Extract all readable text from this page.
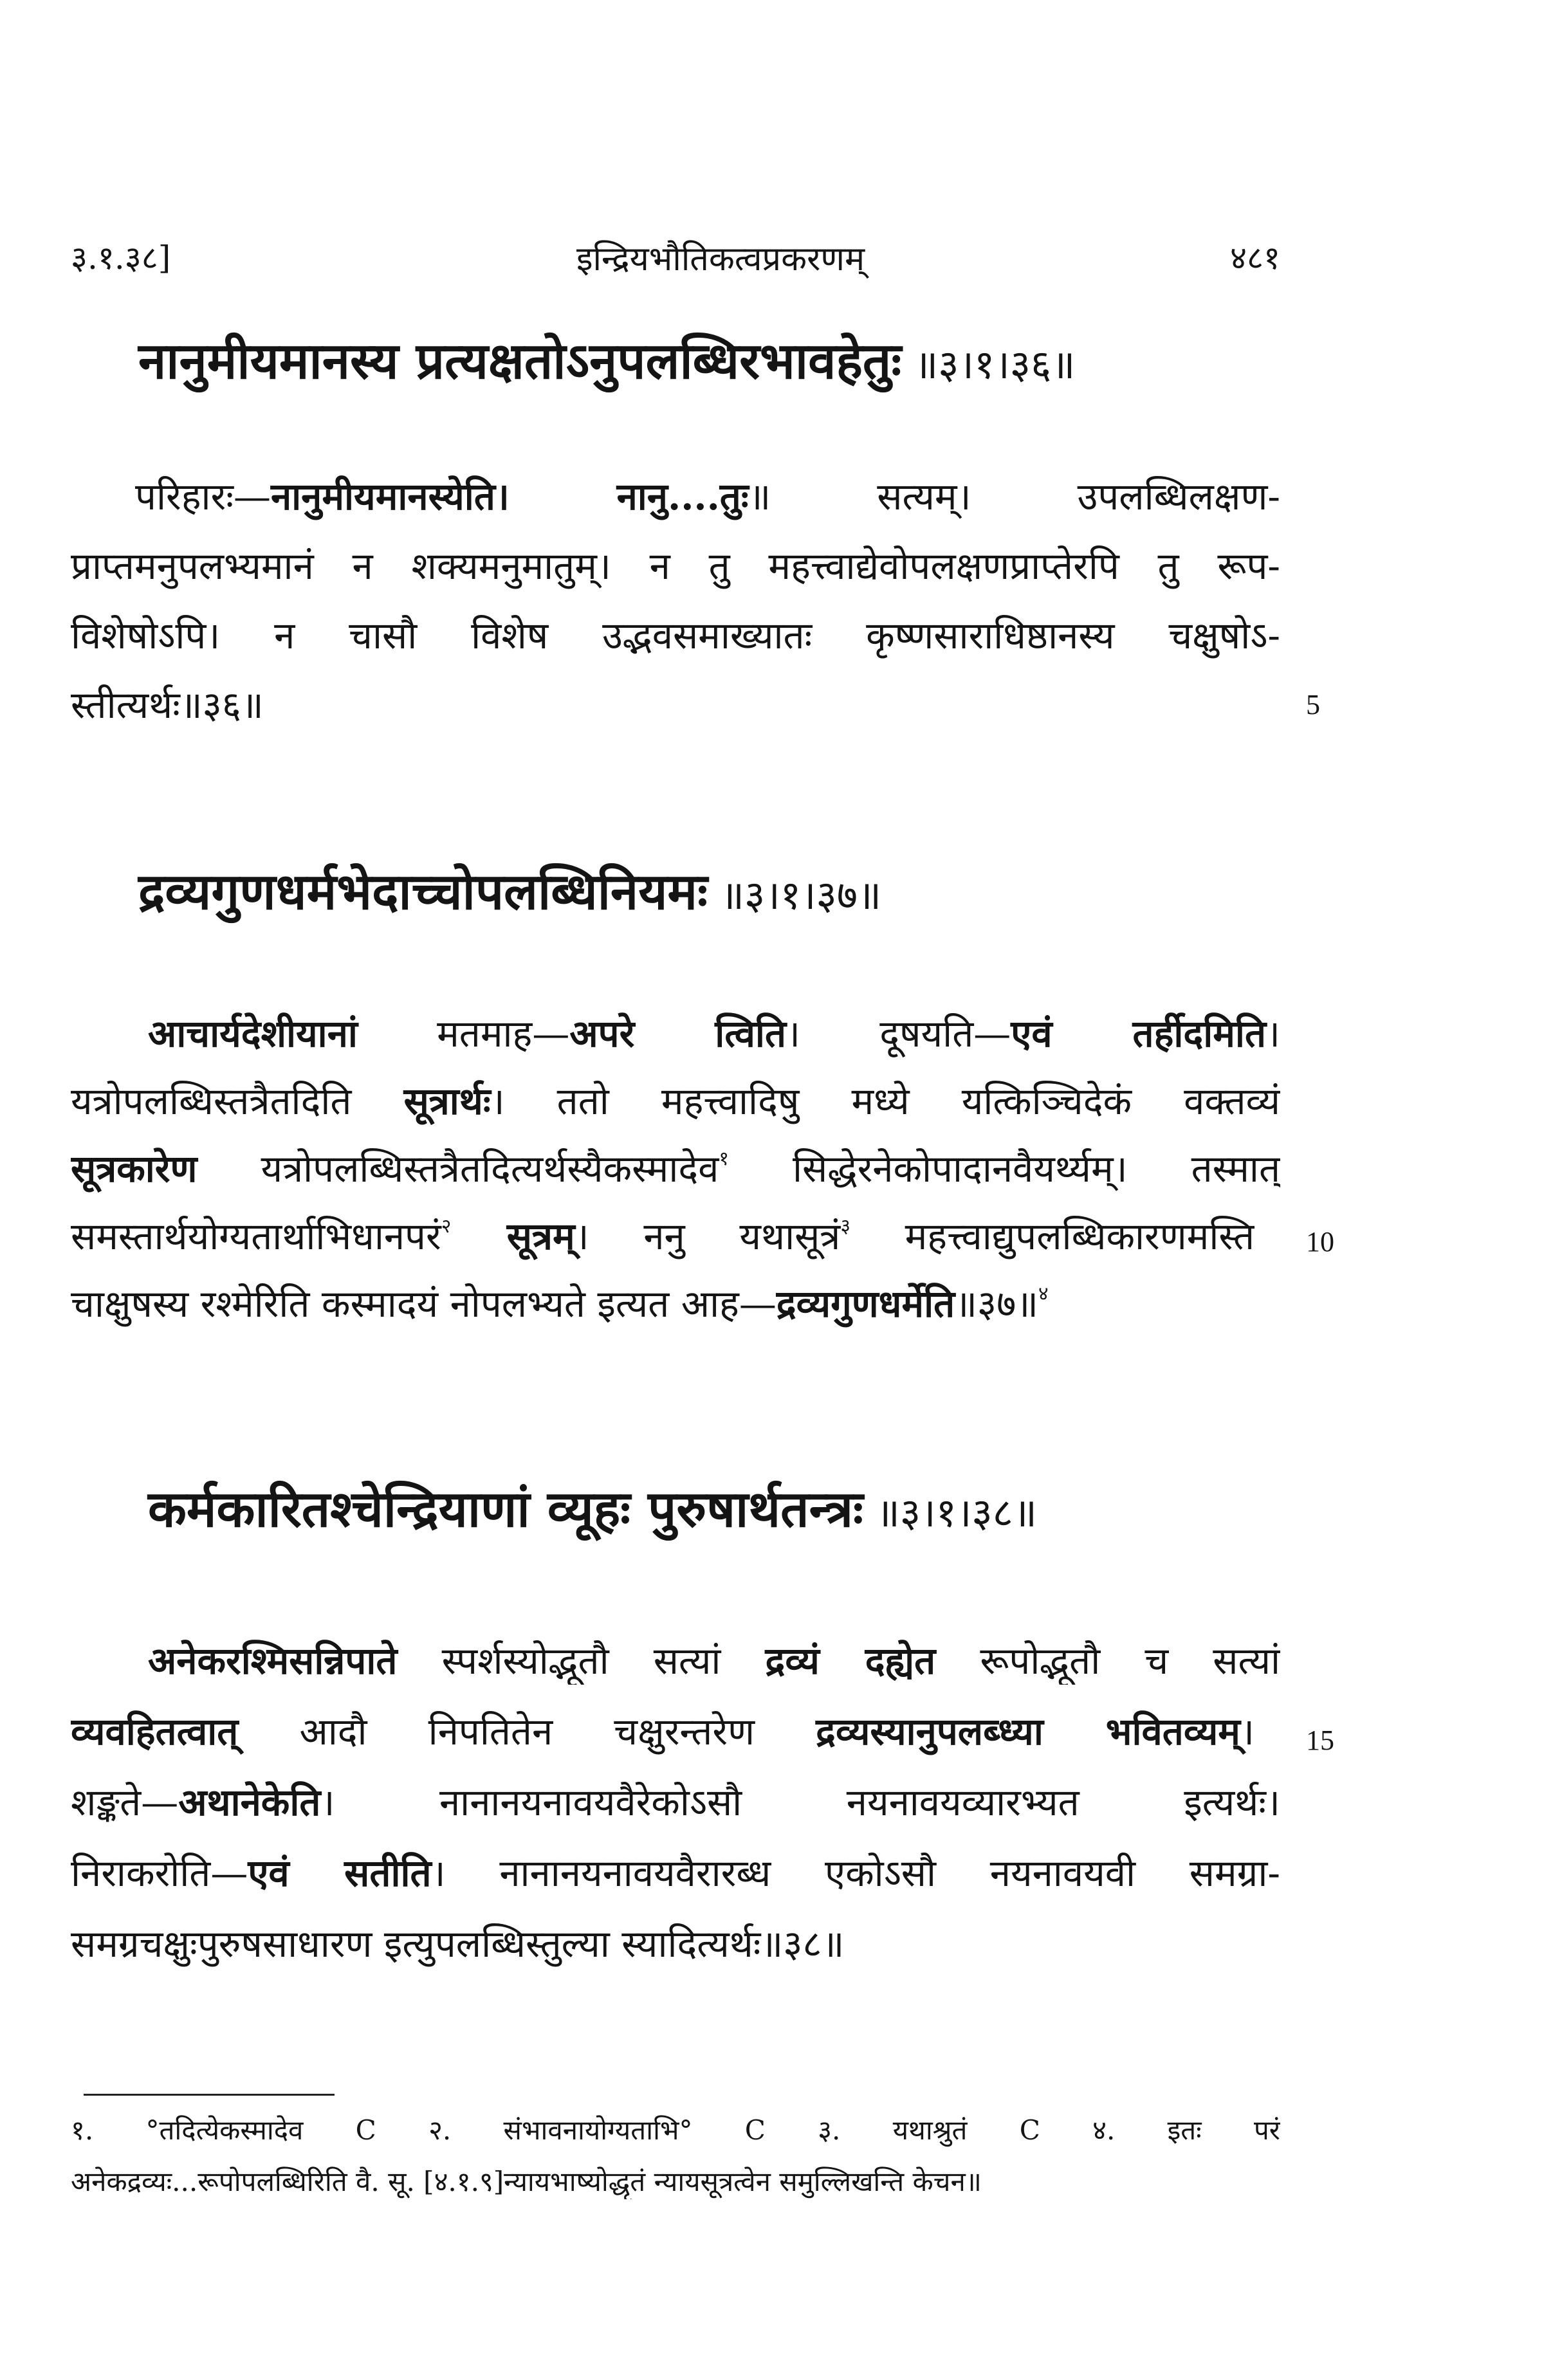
३.१.३८]	इन्द्रियभौतिकत्वप्रकरणम्	४८१
नानुमीयमानस्य प्रत्यक्षतोऽनुपलब्धिरभावहेतुः ॥३।१।३६॥
परिहारः—नानुमीयमानस्येति। नानु....तुः॥ सत्यम्। उपलब्धिलक्षण-
प्राप्तमनुपलभ्यमानं न शक्यमनुमातुम्। न तु महत्त्वाद्येवोपलक्षणप्राप्तेरपि तु रूप-
विशेषोऽपि। न चासौ विशेष उद्भवसमाख्यातः कृष्णसाराधिष्ठानस्य चक्षुषोऽ-
स्तीत्यर्थः॥३६॥	5
द्रव्यगुणधर्मभेदाच्चोपलब्धिनियमः ॥३।१।३७॥
आचार्यदेशीयानां मतमाह—अपरे त्विति। दूषयति—एवं तर्हीदमिति।
यत्रोपलब्धिस्तत्रैतदिति सूत्रार्थः। ततो महत्त्वादिषु मध्ये यत्किञ्चिदेकं वक्तव्यं
सूत्रकारेण यत्रोपलब्धिस्तत्रैतदित्यर्थस्यैकस्मादेव$^१$ सिद्धेरनेकोपादानवैयर्थ्यम्। तस्मात्
समस्तार्थयोग्यतार्थाभिधानपरं$^२$ सूत्रम्। ननु यथासूत्रं$^३$ महत्त्वाद्युपलब्धिकारणमस्ति
चाक्षुषस्य रश्मेरिति कस्मादयं नोपलभ्यते इत्यत आह—द्रव्यगुणधर्मेति॥३७॥$^४$
10
कर्मकारितश्चेन्द्रियाणां व्यूहः पुरुषार्थतन्त्रः ॥३।१।३८॥
अनेकरश्मिसन्निपाते स्पर्शस्योद्भूतौ सत्यां द्रव्यं दह्येत रूपोद्भूतौ च सत्यां
व्यवहितत्वात् आदौ निपतितेन चक्षुरन्तरेण द्रव्यस्यानुपलब्ध्या भवितव्यम्।
शङ्कते—अथानेकेति। नानानयनावयवैरेकोऽसौ नयनावयव्यारभ्यत इत्यर्थः।
निराकरोति—एवं सतीति। नानानयनावयवैरारब्ध एकोऽसौ नयनावयवी समग्रा-
समग्रचक्षुःपुरुषसाधारण इत्युपलब्धिस्तुल्या स्यादित्यर्थः॥३८॥
15
१. °तदित्येकस्मादेव C २. संभावनायोग्यताभि° C ३. यथाश्रुतं C ४. इतः परं
अनेकद्रव्यः...रूपोपलब्धिरिति वै. सू. [४.१.९]न्यायभाष्योद्धृतं न्यायसूत्रत्वेन समुल्लिखन्ति केचन॥
